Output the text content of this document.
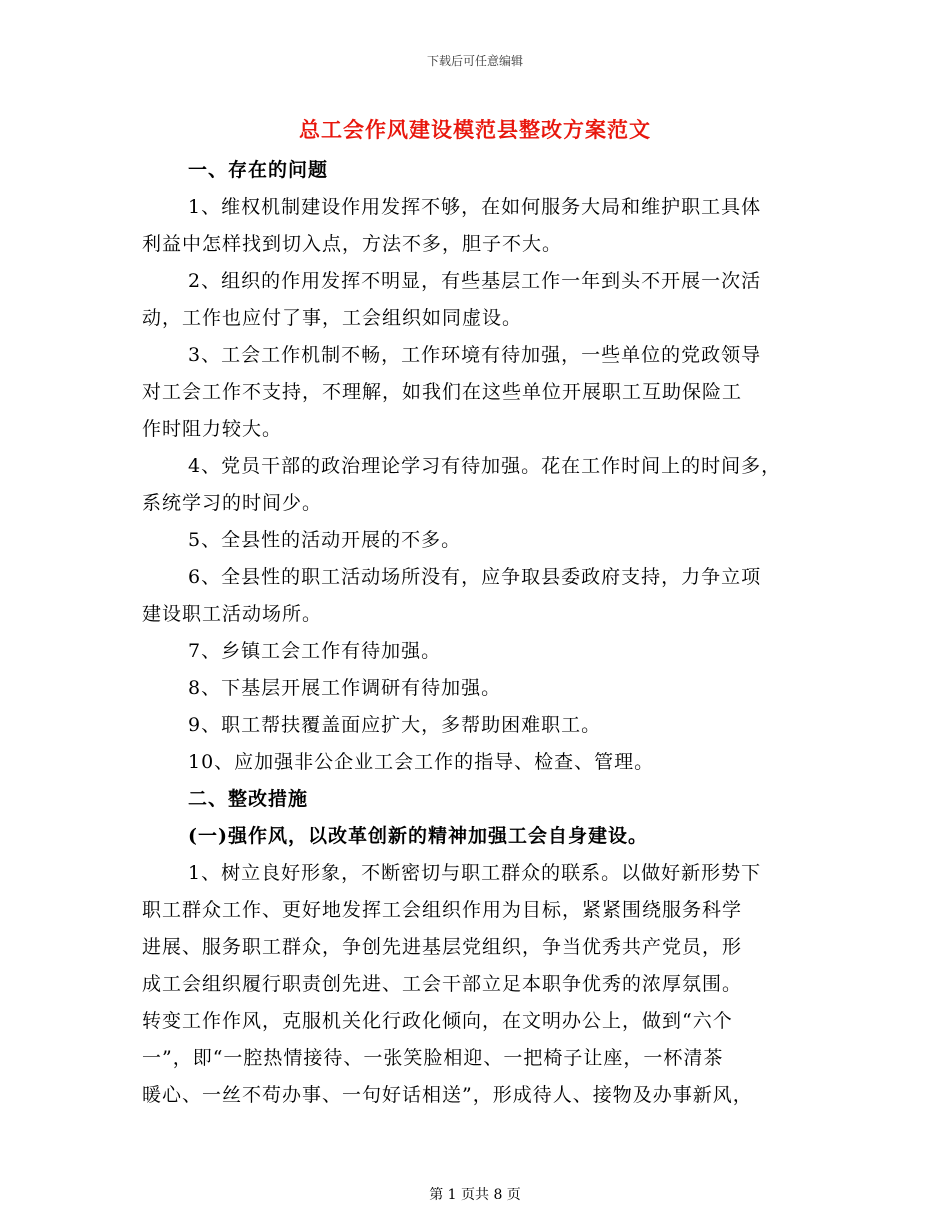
下载后可任意编辑
总工会作风建设模范县整改方案范文
一、存在的问题
1、维权机制建设作用发挥不够，在如何服务大局和维护职工具体
利益中怎样找到切入点，方法不多，胆子不大。
2、组织的作用发挥不明显，有些基层工作一年到头不开展一次活
动，工作也应付了事，工会组织如同虚设。
3、工会工作机制不畅，工作环境有待加强，一些单位的党政领导
对工会工作不支持，不理解，如我们在这些单位开展职工互助保险工
作时阻力较大。
4、党员干部的政治理论学习有待加强。花在工作时间上的时间多，
系统学习的时间少。
5、全县性的活动开展的不多。
6、全县性的职工活动场所没有，应争取县委政府支持，力争立项
建设职工活动场所。
7、乡镇工会工作有待加强。
8、下基层开展工作调研有待加强。
9、职工帮扶覆盖面应扩大，多帮助困难职工。
10、应加强非公企业工会工作的指导、检查、管理。
二、整改措施
(一)强作风，以改革创新的精神加强工会自身建设。
1、树立良好形象，不断密切与职工群众的联系。以做好新形势下
职工群众工作、更好地发挥工会组织作用为目标，紧紧围绕服务科学
进展、服务职工群众，争创先进基层党组织，争当优秀共产党员，形
成工会组织履行职责创先进、工会干部立足本职争优秀的浓厚氛围。
转变工作作风，克服机关化行政化倾向，在文明办公上，做到“六个
一”，即“一腔热情接待、一张笑脸相迎、一把椅子让座，一杯清茶
暖心、一丝不苟办事、一句好话相送”，形成待人、接物及办事新风，
第 1 页共 8 页
